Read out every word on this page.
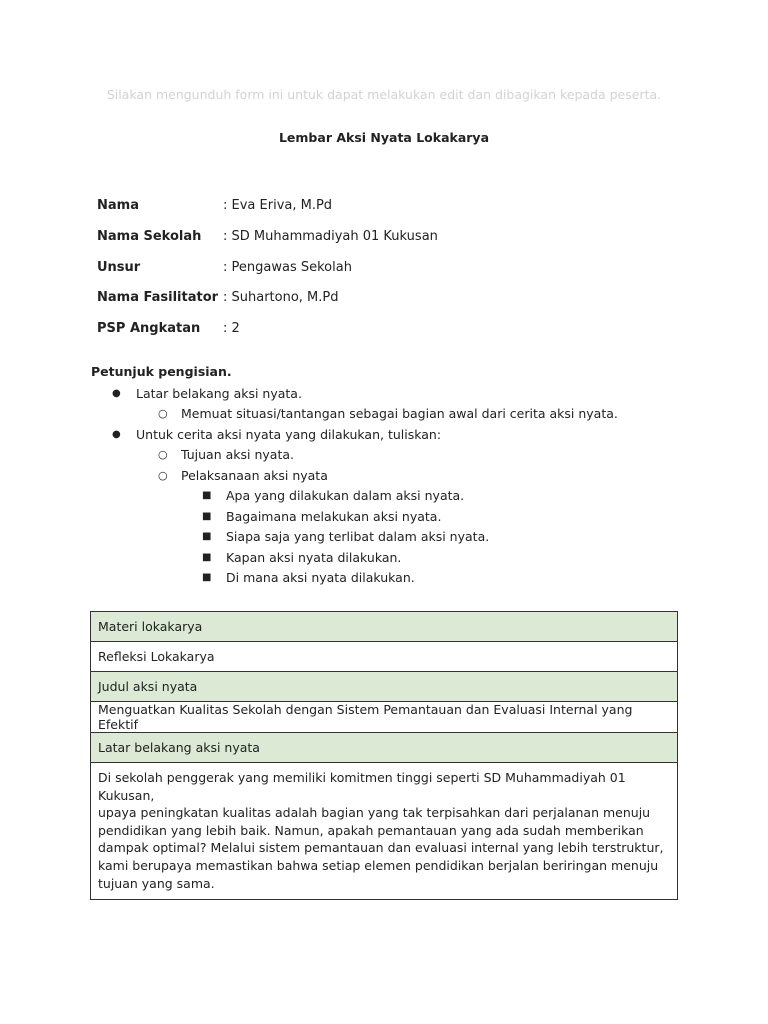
Silakan mengunduh form ini untuk dapat melakukan edit dan dibagikan kepada peserta.
Lembar Aksi Nyata Lokakarya
Nama	: Eva Eriva, M.Pd
Nama Sekolah : SD Muhammadiyah 01 Kukusan
Unsur	: Pengawas Sekolah
Nama Fasilitator : Suhartono, M.Pd
PSP Angkatan : 2
Petunjuk pengisian.
● Latar belakang aksi nyata.
○ Memuat situasi/tantangan sebagai bagian awal dari cerita aksi nyata.
● Untuk cerita aksi nyata yang dilakukan, tuliskan:
○ Tujuan aksi nyata.
○ Pelaksanaan aksi nyata
■ Apa yang dilakukan dalam aksi nyata.
■ Bagaimana melakukan aksi nyata.
■ Siapa saja yang terlibat dalam aksi nyata.
■ Kapan aksi nyata dilakukan.
■ Di mana aksi nyata dilakukan.
Materi lokakarya
Refleksi Lokakarya
Judul aksi nyata
Menguatkan Kualitas Sekolah dengan Sistem Pemantauan dan Evaluasi Internal yang Efektif
Latar belakang aksi nyata

Di sekolah penggerak yang memiliki komitmen tinggi seperti SD Muhammadiyah 01 Kukusan,
upaya peningkatan kualitas adalah bagian yang tak terpisahkan dari perjalanan menuju
pendidikan yang lebih baik. Namun, apakah pemantauan yang ada sudah memberikan
dampak optimal? Melalui sistem pemantauan dan evaluasi internal yang lebih terstruktur,
kami berupaya memastikan bahwa setiap elemen pendidikan berjalan beriringan menuju
tujuan yang sama.
